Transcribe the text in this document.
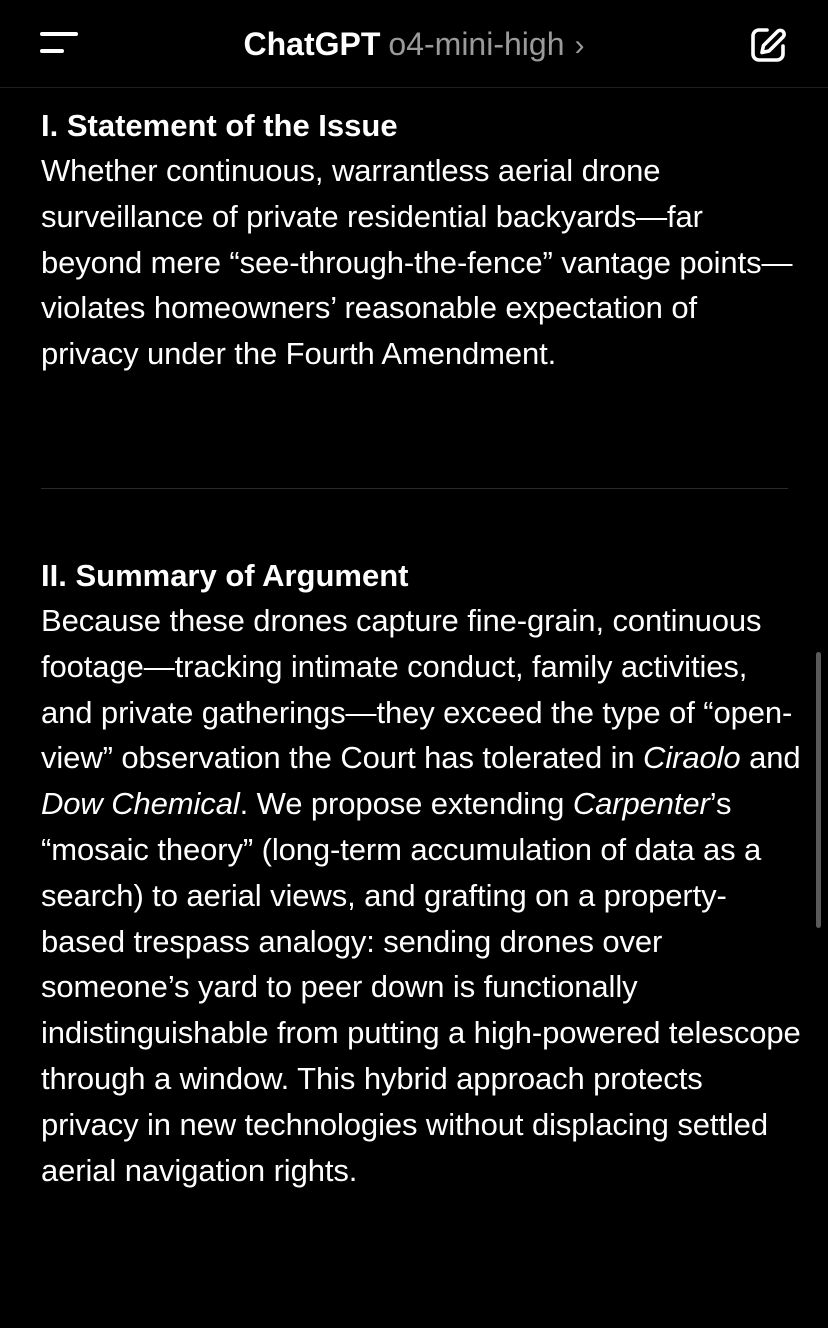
ChatGPT o4-mini-high ›
I. Statement of the Issue

Whether continuous, warrantless aerial drone surveillance of private residential backyards—far beyond mere “see-through-the-fence” vantage points—violates homeowners’ reasonable expectation of privacy under the Fourth Amendment.

II. Summary of Argument

Because these drones capture fine-grain, continuous footage—tracking intimate conduct, family activities, and private gatherings—they exceed the type of “open-view” observation the Court has tolerated in Ciraolo and Dow Chemical. We propose extending Carpenter’s “mosaic theory” (long-term accumulation of data as a search) to aerial views, and grafting on a property-based trespass analogy: sending drones over someone’s yard to peer down is functionally indistinguishable from putting a high-powered telescope through a window. This hybrid approach protects privacy in new technologies without displacing settled aerial navigation rights.
